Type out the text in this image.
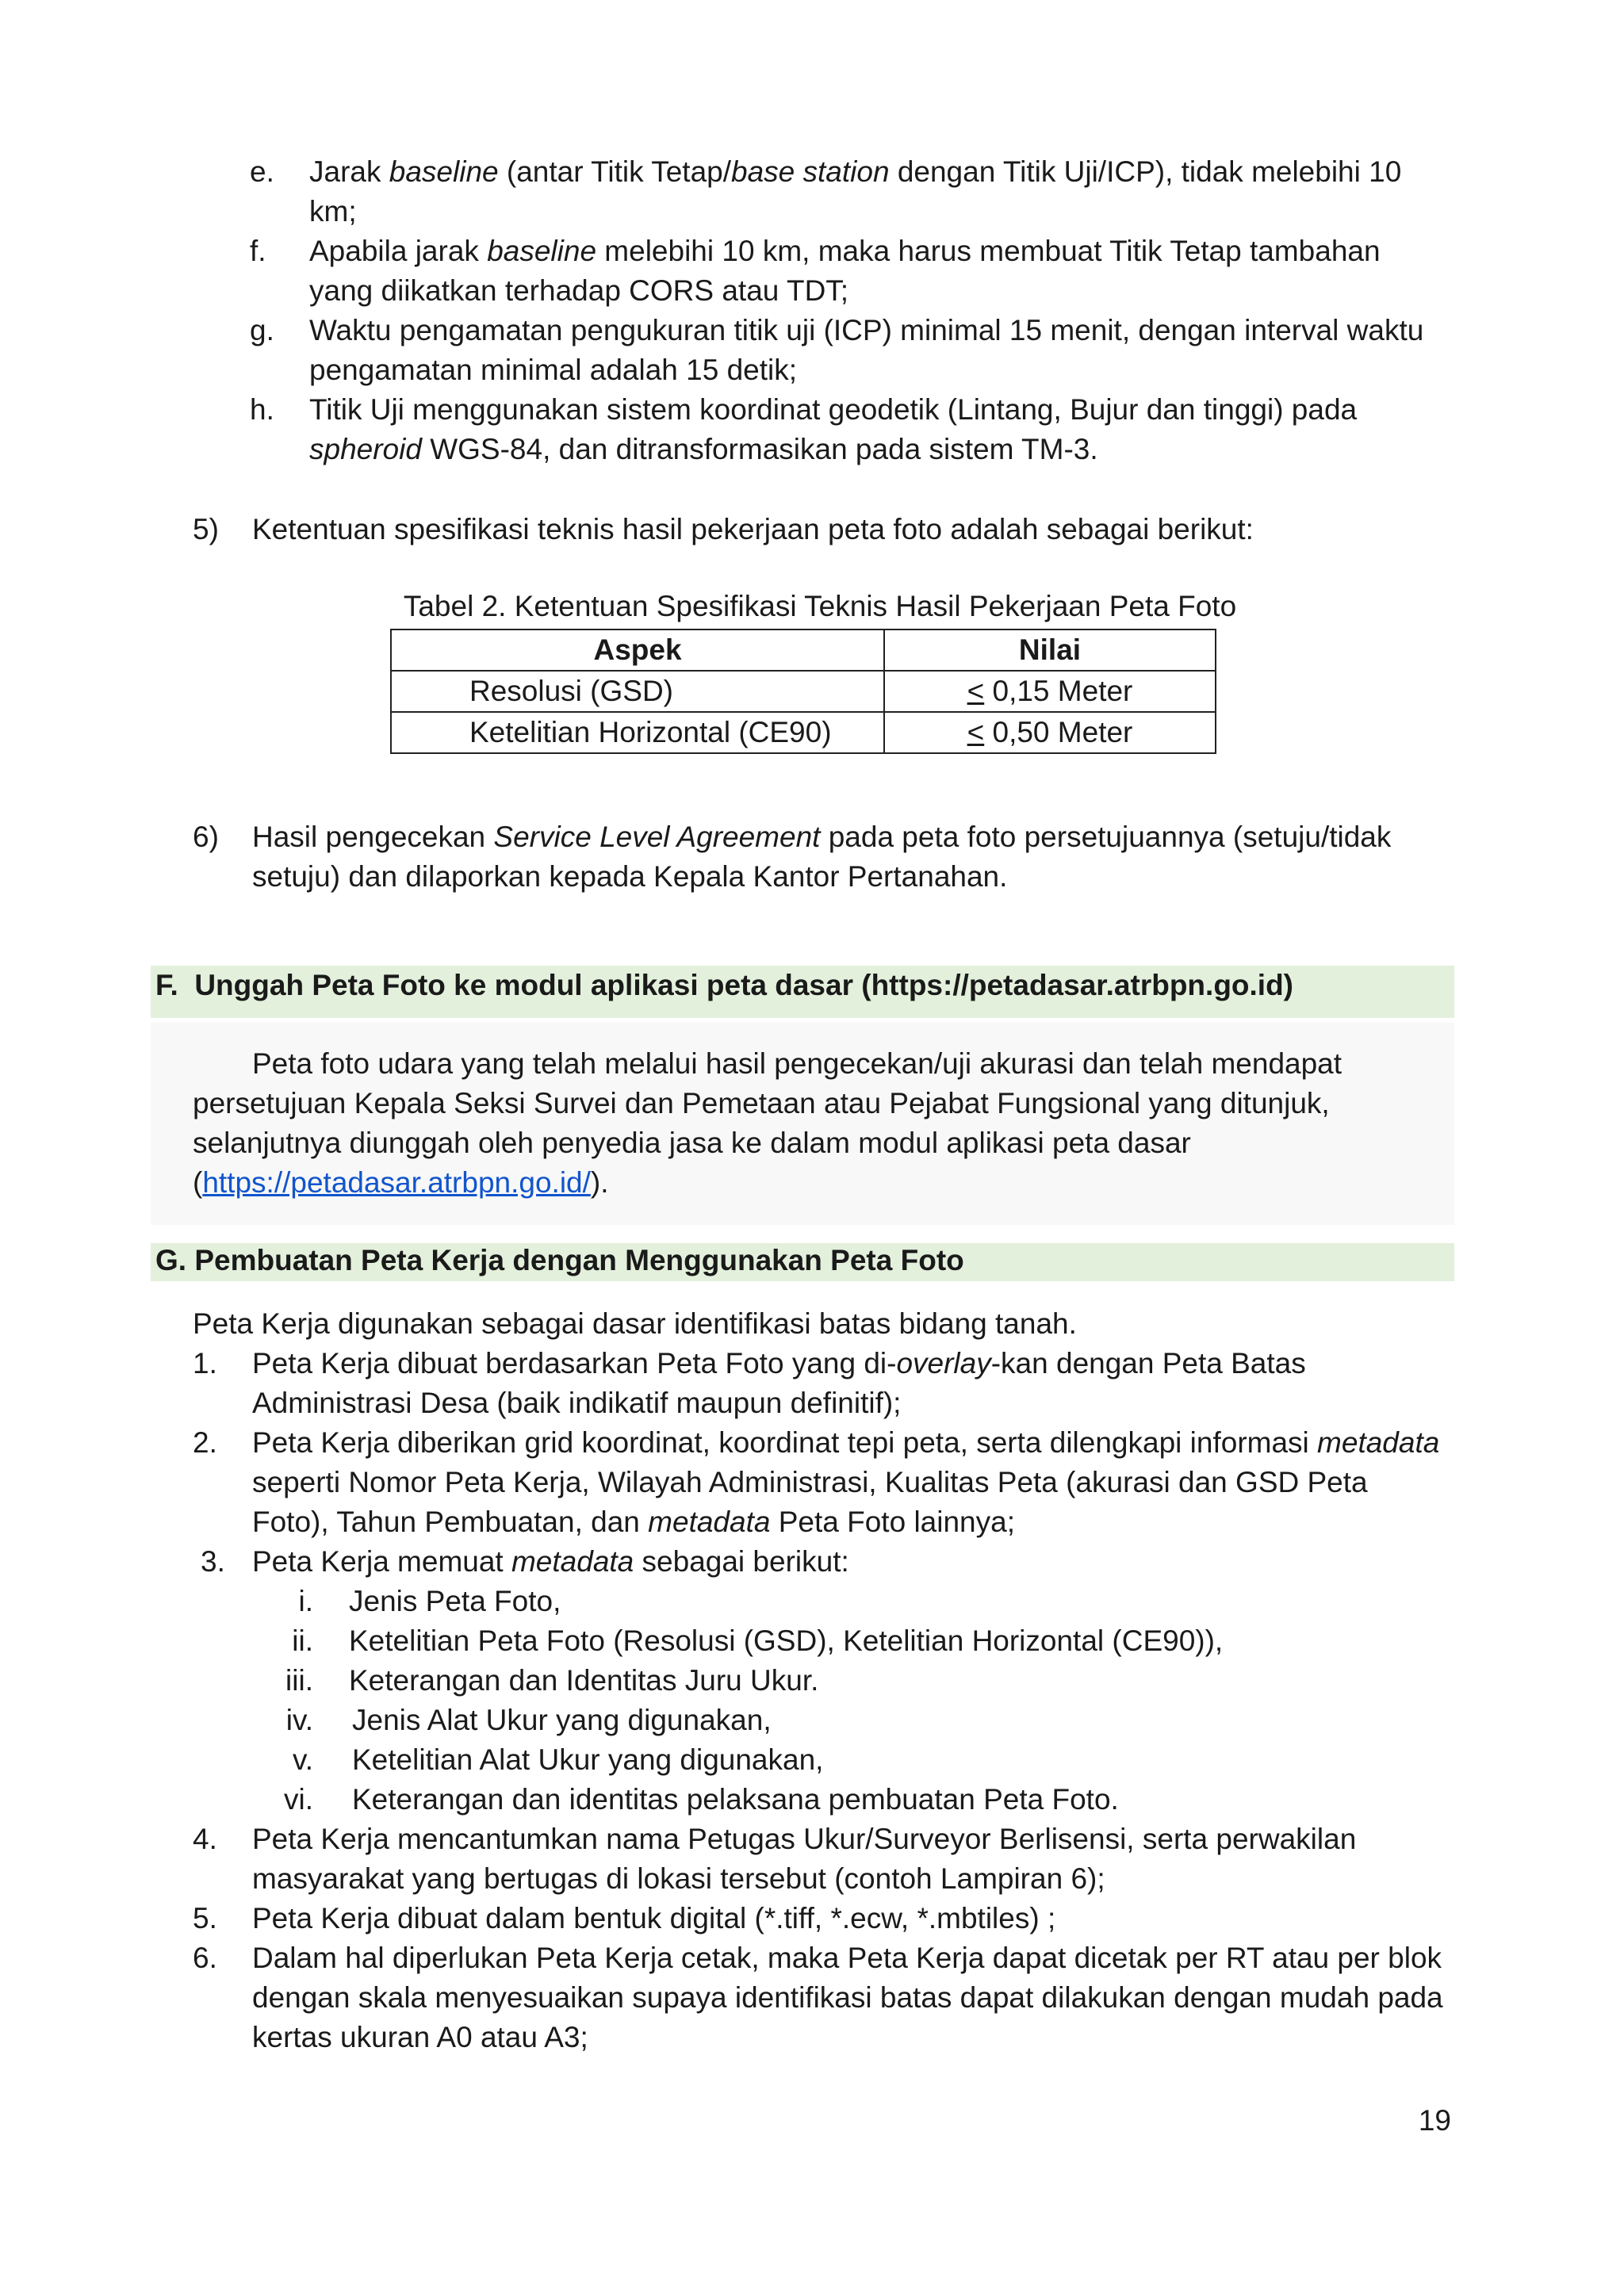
e. Jarak baseline (antar Titik Tetap/base station dengan Titik Uji/ICP), tidak melebihi 10
km;
f. Apabila jarak baseline melebihi 10 km, maka harus membuat Titik Tetap tambahan
yang diikatkan terhadap CORS atau TDT;
g. Waktu pengamatan pengukuran titik uji (ICP) minimal 15 menit, dengan interval waktu
pengamatan minimal adalah 15 detik;
h. Titik Uji menggunakan sistem koordinat geodetik (Lintang, Bujur dan tinggi) pada
spheroid WGS-84, dan ditransformasikan pada sistem TM-3.
5) Ketentuan spesifikasi teknis hasil pekerjaan peta foto adalah sebagai berikut:
Tabel 2. Ketentuan Spesifikasi Teknis Hasil Pekerjaan Peta Foto
Aspek	Nilai
Resolusi (GSD)	< 0,15 Meter
Ketelitian Horizontal (CE90)	< 0,50 Meter
6) Hasil pengecekan Service Level Agreement pada peta foto persetujuannya (setuju/tidak
setuju) dan dilaporkan kepada Kepala Kantor Pertanahan.
F.  Unggah Peta Foto ke modul aplikasi peta dasar (https://petadasar.atrbpn.go.id)
Peta foto udara yang telah melalui hasil pengecekan/uji akurasi dan telah mendapat
persetujuan Kepala Seksi Survei dan Pemetaan atau Pejabat Fungsional yang ditunjuk,
selanjutnya diunggah oleh penyedia jasa ke dalam modul aplikasi peta dasar
(https://petadasar.atrbpn.go.id/).
G. Pembuatan Peta Kerja dengan Menggunakan Peta Foto
Peta Kerja digunakan sebagai dasar identifikasi batas bidang tanah.
1. Peta Kerja dibuat berdasarkan Peta Foto yang di-overlay-kan dengan Peta Batas
Administrasi Desa (baik indikatif maupun definitif);
2. Peta Kerja diberikan grid koordinat, koordinat tepi peta, serta dilengkapi informasi metadata
seperti Nomor Peta Kerja, Wilayah Administrasi, Kualitas Peta (akurasi dan GSD Peta
Foto), Tahun Pembuatan, dan metadata Peta Foto lainnya;
3. Peta Kerja memuat metadata sebagai berikut:
i. Jenis Peta Foto,
ii. Ketelitian Peta Foto (Resolusi (GSD), Ketelitian Horizontal (CE90)),
iii. Keterangan dan Identitas Juru Ukur.
iv. Jenis Alat Ukur yang digunakan,
v. Ketelitian Alat Ukur yang digunakan,
vi. Keterangan dan identitas pelaksana pembuatan Peta Foto.
4. Peta Kerja mencantumkan nama Petugas Ukur/Surveyor Berlisensi, serta perwakilan
masyarakat yang bertugas di lokasi tersebut (contoh Lampiran 6);
5. Peta Kerja dibuat dalam bentuk digital (*.tiff, *.ecw, *.mbtiles) ;
6. Dalam hal diperlukan Peta Kerja cetak, maka Peta Kerja dapat dicetak per RT atau per blok
dengan skala menyesuaikan supaya identifikasi batas dapat dilakukan dengan mudah pada
kertas ukuran A0 atau A3;
19
